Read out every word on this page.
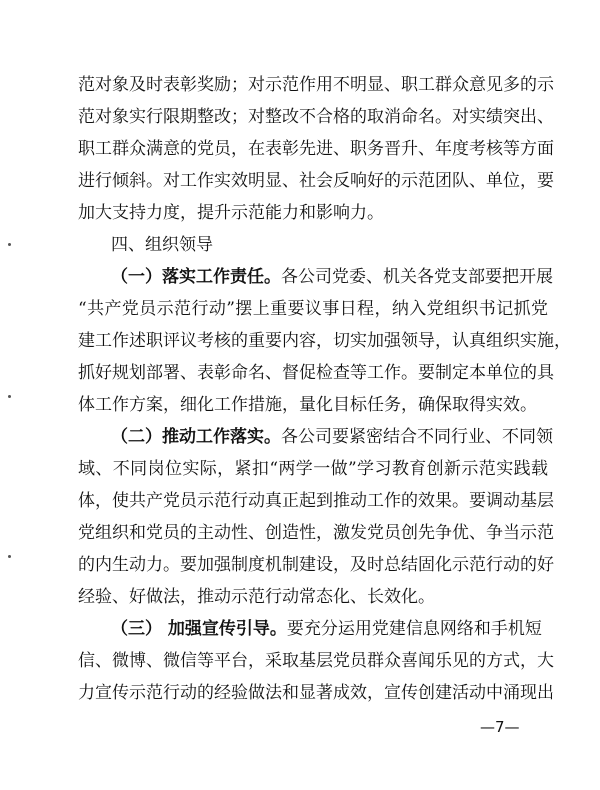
范对象及时表彰奖励；对示范作用不明显、职工群众意见多的示
范对象实行限期整改；对整改不合格的取消命名。对实绩突出、
职工群众满意的党员，在表彰先进、职务晋升、年度考核等方面
进行倾斜。对工作实效明显、社会反响好的示范团队、单位，要
加大支持力度，提升示范能力和影响力。
四、组织领导
（一）落实工作责任。各公司党委、机关各党支部要把开展
“共产党员示范行动”摆上重要议事日程，纳入党组织书记抓党
建工作述职评议考核的重要内容，切实加强领导，认真组织实施，
抓好规划部署、表彰命名、督促检查等工作。要制定本单位的具
体工作方案，细化工作措施，量化目标任务，确保取得实效。
（二）推动工作落实。各公司要紧密结合不同行业、不同领
域、不同岗位实际，紧扣“两学一做”学习教育创新示范实践载
体，使共产党员示范行动真正起到推动工作的效果。要调动基层
党组织和党员的主动性、创造性，激发党员创先争优、争当示范
的内生动力。要加强制度机制建设，及时总结固化示范行动的好
经验、好做法，推动示范行动常态化、长效化。
（三） 加强宣传引导。要充分运用党建信息网络和手机短
信、微博、微信等平台，采取基层党员群众喜闻乐见的方式，大
力宣传示范行动的经验做法和显著成效，宣传创建活动中涌现出
—7—
